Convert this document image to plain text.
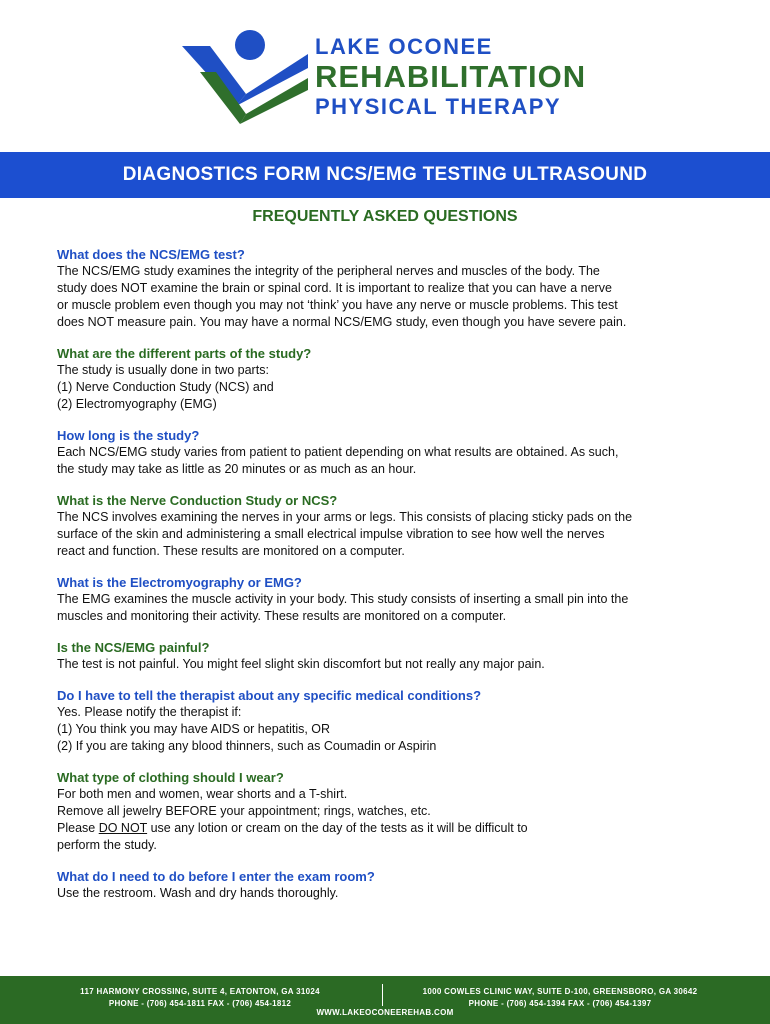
LAKE OCONEE
REHABILITATION
PHYSICAL THERAPY
DIAGNOSTICS FORM NCS/EMG TESTING ULTRASOUND
FREQUENTLY ASKED QUESTIONS
What does the NCS/EMG test?
The NCS/EMG study examines the integrity of the peripheral nerves and muscles of the body. The
study does NOT examine the brain or spinal cord. It is important to realize that you can have a nerve
or muscle problem even though you may not ‘think’ you have any nerve or muscle problems. This test
does NOT measure pain. You may have a normal NCS/EMG study, even though you have severe pain.
What are the different parts of the study?
The study is usually done in two parts:
(1) Nerve Conduction Study (NCS) and
(2) Electromyography (EMG)
How long is the study?
Each NCS/EMG study varies from patient to patient depending on what results are obtained. As such,
the study may take as little as 20 minutes or as much as an hour.
What is the Nerve Conduction Study or NCS?
The NCS involves examining the nerves in your arms or legs. This consists of placing sticky pads on the
surface of the skin and administering a small electrical impulse vibration to see how well the nerves
react and function. These results are monitored on a computer.
What is the Electromyography or EMG?
The EMG examines the muscle activity in your body. This study consists of inserting a small pin into the
muscles and monitoring their activity. These results are monitored on a computer.
Is the NCS/EMG painful?
The test is not painful. You might feel slight skin discomfort but not really any major pain.
Do I have to tell the therapist about any specific medical conditions?
Yes. Please notify the therapist if:
(1) You think you may have AIDS or hepatitis, OR
(2) If you are taking any blood thinners, such as Coumadin or Aspirin
What type of clothing should I wear?
For both men and women, wear shorts and a T-shirt.
Remove all jewelry BEFORE your appointment; rings, watches, etc.
Please DO NOT use any lotion or cream on the day of the tests as it will be difficult to
perform the study.
What do I need to do before I enter the exam room?
Use the restroom. Wash and dry hands thoroughly.
117 HARMONY CROSSING, SUITE 4, EATONTON, GA 31024
PHONE - (706) 454-1811 FAX - (706) 454-1812
1000 COWLES CLINIC WAY, SUITE D-100, GREENSBORO, GA 30642
PHONE - (706) 454-1394 FAX - (706) 454-1397
WWW.LAKEOCONEEREHAB.COM
